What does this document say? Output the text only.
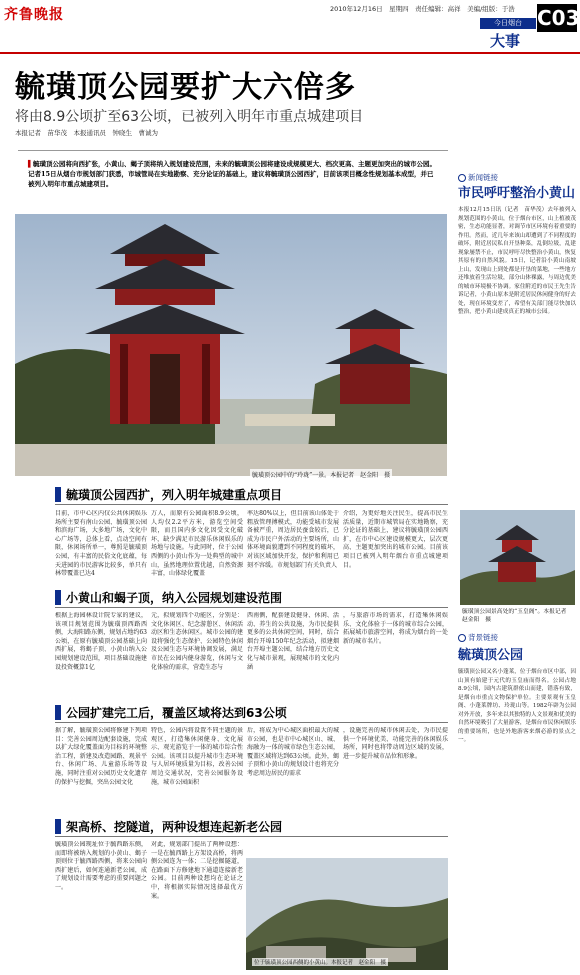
齐鲁晚报	2010年12月16日　星期四　责任编辑：高祥　美编/组版：于浩
今日烟台
大事
C03
毓璜顶公园要扩大六倍多
将由8.9公顷扩至63公顷，已被列入明年市重点城建项目
本报记者　苗华茂　本报通讯员　钟晓生　曹诚为
▌毓璜顶公园将向西扩张，小黄山、蝎子顶将纳入规划建设范围，未来的毓璜顶公园将建设成规模更大、档次更高、主题更加突出的城市公园。记者15日从烟台市规划部门获悉，市城管局在实地勘察、充分论证的基础上，建议将毓璜顶公园西扩，目前该项目概念性规划基本成型，并已被列入明年市重点城建项目。
毓璜顶公园中的“玲珑”一景。本报记者　赵金阳　摄
毓璜顶公园西扩，列入明年城建重点项目
目前，市中心区内仅公共休闲娱乐场所主要有南山公园、毓璜顶公园和滨海广场，大多地广场，文化中心广场等，总体上看，点动空间有限，休闲场所单一，尊照是毓璜顶公园，有丰富的民俗文化底蕴，每天进园的市民游客比较多，单只有林带覆盖已达4
万人，而原有公园面积8.9公顷，人均仅2.2平方米，游览空间受限，而且国内多文化因受文化破坏，缺少满足市民游乐休闲娱乐的场地与设施。与此同时，位于公园西侧的小黄山作为一处典型的城中山，虽然地理位置优越，自然资源丰富，山体绿化覆盖
率达80%以上，但目前该山体处于粗放管理搏模式，功能受城市发展备被严重，周边居民蚕食较后，已成为市民户外活动的主要场所，山体环境面貌遭到不同程度的破坏，对该区域加快开发，保护和利用已刻不容缓。市规划部门有关负责人
介绍，为更好地关注民生，提高市民生活质量，近期市城管局在实地勘察，充分论证的基础上，建议将毓璜顶公园西扩，在市中心区建设规模更大，层次更高、主题更加突出的城市公园。目前该项目已被列入明年烟台市重点城建项目。
小黄山和蝎子顶，纳入公园规划建设范围
根据上海园林设计院专家的建议，该项目规划范围为毓璜顶西路西侧，大海阳路东侧，规划占地约63公顷，在原有毓璜顶公园基础上向西扩展，将蝎子顶、小黄山纳入公园规划建设范围，项目基础设施建设投资概算1亿
元，拟规划四个功能区，分别是：文化休闲区、纪念游憩区、休闲活动区和生态休闲区。城市公园的建设将强化生态保护、公园特色休闲及公园生态与环境协调发展，满足市民在公园内健身游览，休闲与文化体验的需求，营造生态与
西南侧，配套建设健身、休闲、活动、养生的公共设施，为市民提供更多的公共休闲空间，同时，结合烟台开埠150年纪念活动，拟建烟台开埠主题公园，结合地方历史文化与城市景观，展现城市的文化内涵
，与旅游市场的需求，打造集休闲娱乐、文化体验于一体的城市综合公园，拓展城市旅游空间，将成为烟台的一处新的城市名片。
公园扩建完工后，覆盖区域将达到63公顷
据了解，毓璜顶公园将修建下列项目：完善公园周边配套设施，完成以扩大绿化覆盖面为目标的环境整治工程，新建及改造园路、观景平台、休闲广场、儿童游乐场等设施，同时注重对公园历史文化遗存的保护与挖掘，突出公园文化
特色，公园内将设置不同主题的景观区，打造集休闲健身、文化展示、观光游览于一体的城市综合性公园。该项目以提升城市生态环境与人居环境质量为目标，改善公园周边交通状况，完善公园服务设施，城市公园面积
后，将成为中心城区面积最大的城市公园，也是市中心城区山、城、海融为一体的城市绿色生态公园，覆盖区域将达到63公顷。此外，蝎子顶和小黄山的规划设计也将充分考虑周边居民的需求
，设施完善的城市休闲去处，为市民提供一个环境优美、功能完善的休闲娱乐场所，同时也将带动周边区域的发展，进一步提升城市品位和形象。
架高桥、挖隧道，两种设想连起新老公园
毓璜顶公园现址位于毓西路东侧，而即将被纳入规划的小黄山、蝎子顶则位于毓西路西侧，将来公园向西扩建后，如何连通新老公园，成了规划设计需要考虑的重要问题之一。
对此，规划部门提出了两种设想：一是在毓西路上方架设高桥，将两侧公园连为一体；二是挖掘隧道，在路面下方修建地下通道连接新老公园。目前两种设想均在论证之中，将根据实际情况选择最优方案。
位于毓璜顶公园西侧的小黄山。本报记者　赵金阳　摄
新闻链接
市民呼吁整治小黄山
本报12月15日讯（记者　苗华茂）去年被列入规划范围的小黄山，位于烟台市区，山上植被茂密，生态功能显著，对调节市区环境有着重要的作用。然而，近几年来该山却遭到了不同程度的破坏，附近居民私自开垦种菜，乱倒垃圾，乱建现象屡禁不止，市民呼吁尽快整治小黄山，恢复其原有的自然风貌。15日，记者沿小黄山南坡上山，发现山上到处都是开垦的菜地，一些地方还堆放着生活垃圾，部分山体裸露，与周边优美的城市环境极不协调。家住附近的市民王先生告诉记者，小黄山原本是附近居民休闲健身的好去处，现在环境变差了，希望有关部门能尽快加以整治，把小黄山建成真正的城市公园。
毓璜顶公园景高处的“玉皇阁”。本报记者　赵金阳　摄
背景链接
毓璜顶公园
毓璜顶公园又名小蓬莱，位于烟台市区中部，因山顶有始建于元代的玉皇庙而得名。公园占地8.9公顷，园内古建筑群依山而建，错落有致，是烟台市重点文物保护单位。主要景观有玉皇阁、小蓬莱牌坊、玲珑山等。1982年辟为公园对外开放，多年来以其独特的人文景观和优美的自然环境吸引了大量游客，是烟台市民休闲娱乐的重要场所，也是外地游客来烟必游的景点之一。
